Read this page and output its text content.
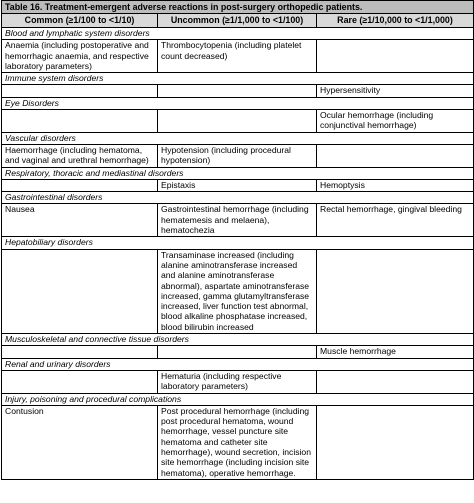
Table 16. Treatment-emergent adverse reactions in post-surgery orthopedic patients.		
Common (≥1/100 to <1/10)	Uncommon (≥1/1,000 to <1/100)	Rare (≥1/10,000 to <1/1,000)
Blood and lymphatic system disorders		
Anaemia (including postoperative and hemorrhagic anaemia, and respective laboratory parameters)	Thrombocytopenia (including platelet count decreased)	
Immune system disorders		
		Hypersensitivity
Eye Disorders		
		Ocular hemorrhage (including conjunctival hemorrhage)
Vascular disorders		
Haemorrhage (including hematoma, and vaginal and urethral hemorrhage)	Hypotension (including procedural hypotension)	
Respiratory, thoracic and mediastinal disorders		
	Epistaxis	Hemoptysis
Gastrointestinal disorders		
Nausea	Gastrointestinal hemorrhage (including hematemesis and melaena), hematochezia	Rectal hemorrhage, gingival bleeding
Hepatobiliary disorders		
	Transaminase increased (including alanine aminotransferase increased and alanine aminotransferase abnormal), aspartate aminotransferase increased, gamma glutamyltransferase increased, liver function test abnormal, blood alkaline phosphatase increased, blood bilirubin increased	
Musculoskeletal and connective tissue disorders		
		Muscle hemorrhage
Renal and urinary disorders		
	Hematuria (including respective laboratory parameters)	
Injury, poisoning and procedural complications		
Contusion	Post procedural hemorrhage (including post procedural hematoma, wound hemorrhage, vessel puncture site hematoma and catheter site hemorrhage), wound secretion, incision site hemorrhage (including incision site hematoma), operative hemorrhage.	
